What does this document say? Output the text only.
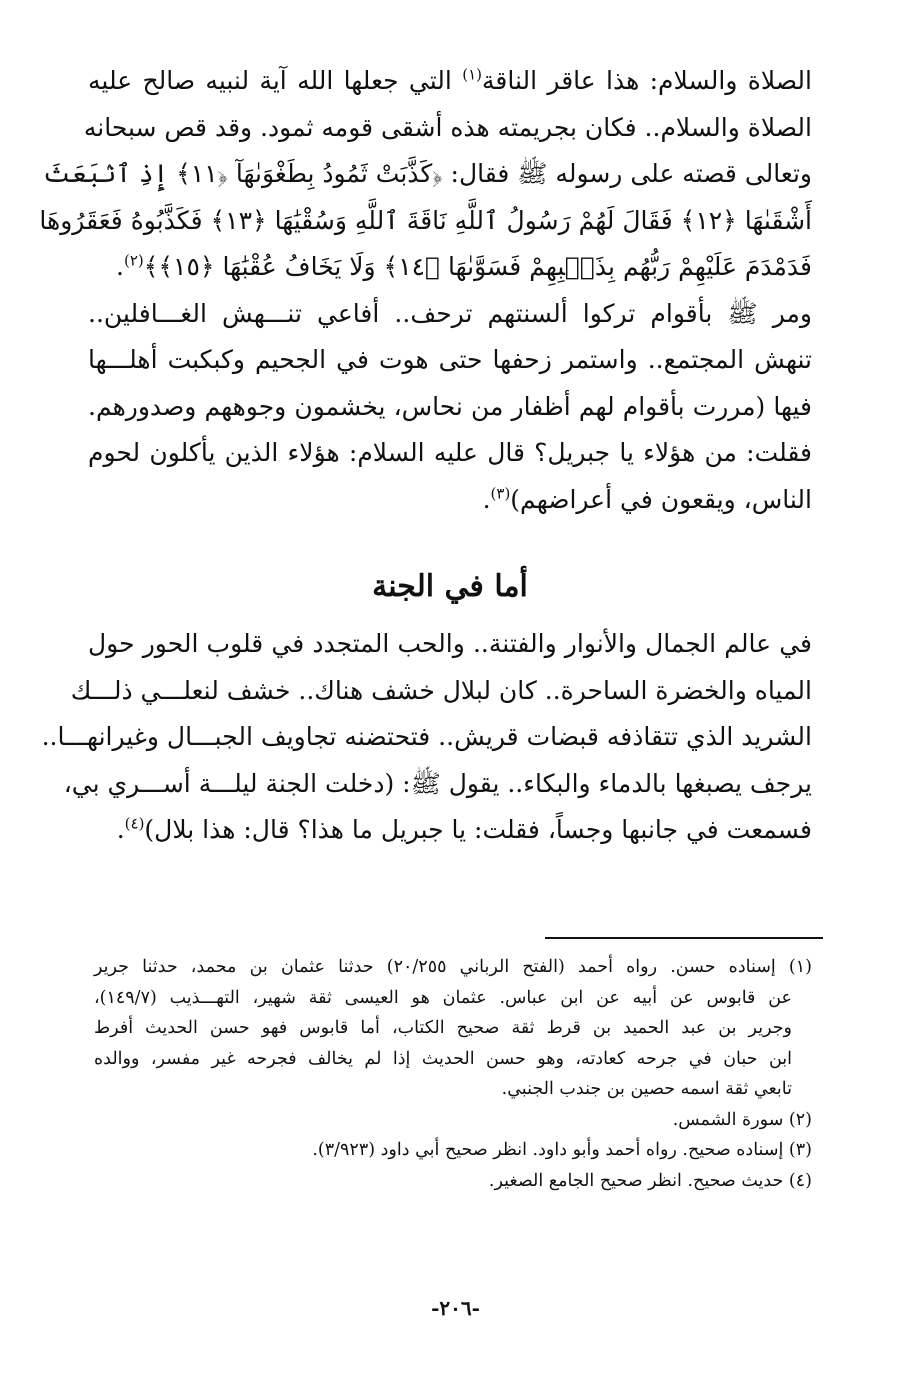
الصلاة والسلام: هذا عاقر الناقة$^{(١)}$ التي جعلها الله آية لنبيه صالح عليه
الصلاة والسلام.. فكان بجريمته هذه أشقى قومه ثمود. وقد قص سبحانه
وتعالى قصته على رسوله ﷺ فقال: ﴿كَذَّبَتْ ثَمُودُ بِطَغْوَىٰهَآ ﴿١١﴾ إِذِ ٱنۢبَعَثَ
أَشْقَىٰهَا ﴿١٢﴾ فَقَالَ لَهُمْ رَسُولُ ٱللَّهِ نَاقَةَ ٱللَّهِ وَسُقْيَٰهَا ﴿١٣﴾ فَكَذَّبُوهُ فَعَقَرُوهَا
فَدَمْدَمَ عَلَيْهِمْ رَبُّهُم بِذَنۢبِهِمْ فَسَوَّىٰهَا ﴿١٤﴾ وَلَا يَخَافُ عُقْبَٰهَا ﴿١٥﴾﴾$^{(٢)}$.

ومر ﷺ بأقوام تركوا ألسنتهم ترحف.. أفاعي تنـــهش الغـــافلين..
تنهش المجتمع.. واستمر زحفها حتى هوت في الجحيم وكبكبت أهلـــها
فيها (مررت بأقوام لهم أظفار من نحاس، يخشمون وجوههم وصدورهم.
فقلت: من هؤلاء يا جبريل؟ قال عليه السلام: هؤلاء الذين يأكلون لحوم
الناس، ويقعون في أعراضهم)$^{(٣)}$.

أما في الجنة

في عالم الجمال والأنوار والفتنة.. والحب المتجدد في قلوب الحور حول
المياه والخضرة الساحرة.. كان لبلال خشف هناك.. خشف لنعلـــي ذلـــك
الشريد الذي تتقاذفه قبضات قريش.. فتحتضنه تجاويف الجبـــال وغيرانهـــا..
يرجف يصبغها بالدماء والبكاء.. يقول ﷺ: (دخلت الجنة ليلـــة أســـري بي،
فسمعت في جانبها وجساً، فقلت: يا جبريل ما هذا؟ قال: هذا بلال)$^{(٤)}$.

(١) إسناده حسن. رواه أحمد (الفتح الرباني ٢٠/٢٥٥) حدثنا عثمان بن محمد، حدثنا جرير
عن قابوس عن أبيه عن ابن عباس. عثمان هو العيسى ثقة شهير، التهـــذيب (١٤٩/٧)،
وجرير بن عبد الحميد بن قرط ثقة صحيح الكتاب، أما قابوس فهو حسن الحديث أفرط
ابن حبان في جرحه كعادته، وهو حسن الحديث إذا لم يخالف فجرحه غير مفسر، ووالده
تابعي ثقة اسمه حصين بن جندب الجنبي.

(٢) سورة الشمس.

(٣) إسناده صحيح. رواه أحمد وأبو داود. انظر صحيح أبي داود (٣/٩٢٣).

(٤) حديث صحيح. انظر صحيح الجامع الصغير.

-٢٠٦-
